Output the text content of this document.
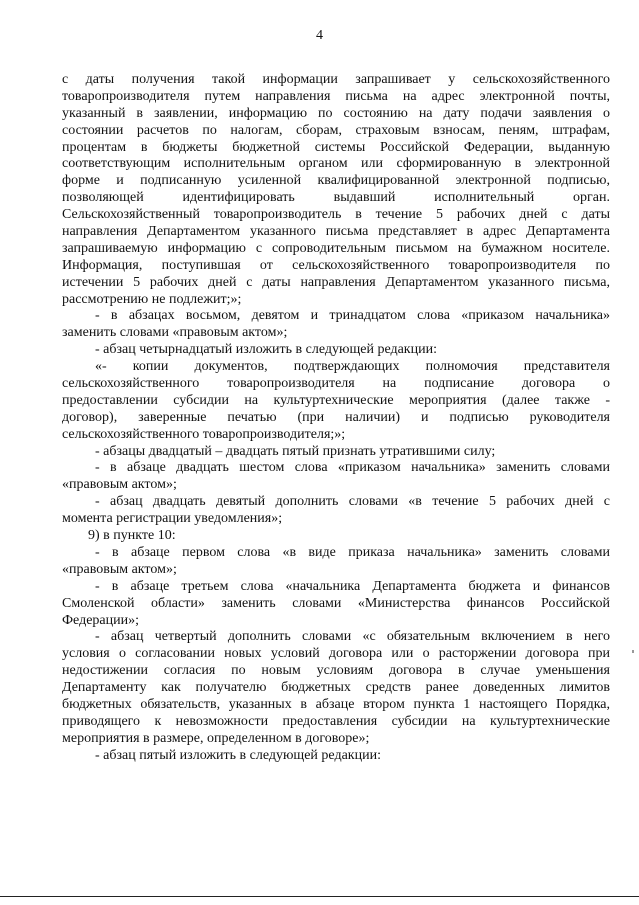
4
с даты получения такой информации запрашивает у сельскохозяйственного
товаропроизводителя путем направления письма на адрес электронной почты,
указанный в заявлении, информацию по состоянию на дату подачи заявления о
состоянии расчетов по налогам, сборам, страховым взносам, пеням, штрафам,
процентам в бюджеты бюджетной системы Российской Федерации, выданную
соответствующим исполнительным органом или сформированную в электронной
форме и подписанную усиленной квалифицированной электронной подписью,
позволяющей идентифицировать выдавший исполнительный орган.
Сельскохозяйственный товаропроизводитель в течение 5 рабочих дней с даты
направления Департаментом указанного письма представляет в адрес Департамента
запрашиваемую информацию с сопроводительным письмом на бумажном носителе.
Информация, поступившая от сельскохозяйственного товаропроизводителя по
истечении 5 рабочих дней с даты направления Департаментом указанного письма,
рассмотрению не подлежит;»;
- в абзацах восьмом, девятом и тринадцатом слова «приказом начальника»
заменить словами «правовым актом»;
- абзац четырнадцатый изложить в следующей редакции:
«- копии документов, подтверждающих полномочия представителя
сельскохозяйственного товаропроизводителя на подписание договора о
предоставлении субсидии на культуртехнические мероприятия (далее также -
договор), заверенные печатью (при наличии) и подписью руководителя
сельскохозяйственного товаропроизводителя;»;
- абзацы двадцатый – двадцать пятый признать утратившими силу;
- в абзаце двадцать шестом слова «приказом начальника» заменить словами
«правовым актом»;
- абзац двадцать девятый дополнить словами «в течение 5 рабочих дней с
момента регистрации уведомления»;
9) в пункте 10:
- в абзаце первом слова «в виде приказа начальника» заменить словами
«правовым актом»;
- в абзаце третьем слова «начальника Департамента бюджета и финансов
Смоленской области» заменить словами «Министерства финансов Российской
Федерации»;
- абзац четвертый дополнить словами «с обязательным включением в него
условия о согласовании новых условий договора или о расторжении договора при
недостижении согласия по новым условиям договора в случае уменьшения
Департаменту как получателю бюджетных средств ранее доведенных лимитов
бюджетных обязательств, указанных в абзаце втором пункта 1 настоящего Порядка,
приводящего к невозможности предоставления субсидии на культуртехнические
мероприятия в размере, определенном в договоре»;
- абзац пятый изложить в следующей редакции:
